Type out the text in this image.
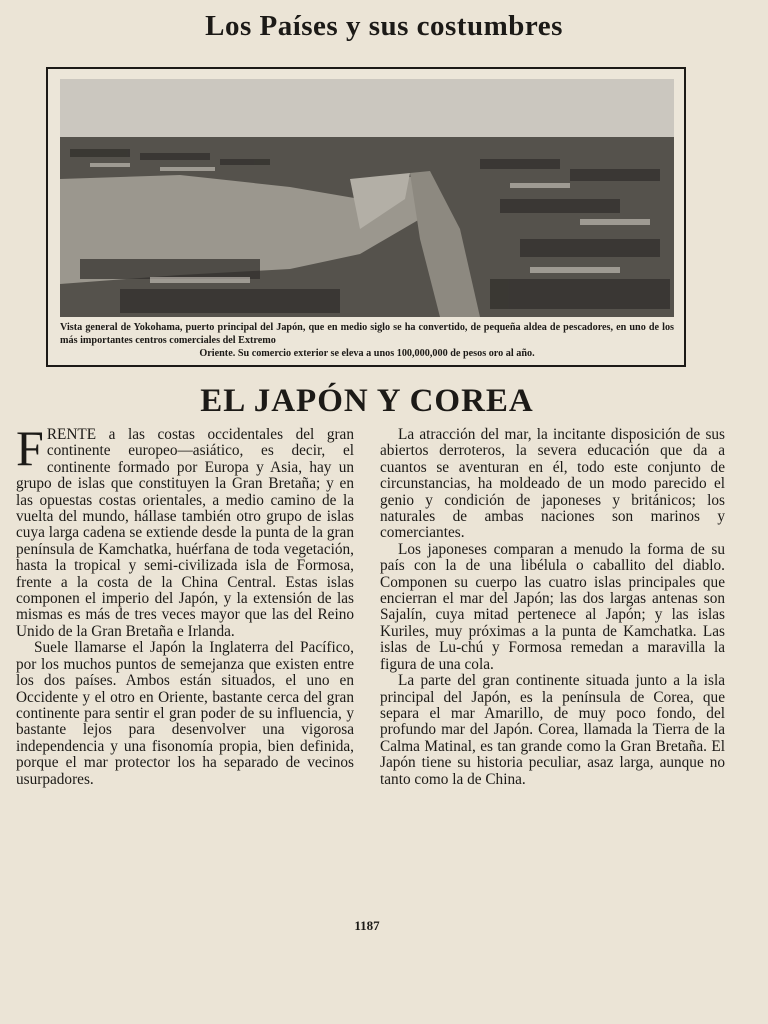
Los Países y sus costumbres
Vista general de Yokohama, puerto principal del Japón, que en medio siglo se ha convertido, de pequeña aldea de pescadores, en uno de los más importantes centros comerciales del Extremo
Oriente. Su comercio exterior se eleva a unos 100,000,000 de pesos oro al año.
EL JAPÓN Y COREA

FRENTE a las costas occidentales del gran continente europeo—asiático, es decir, el continente formado por Europa y Asia, hay un grupo de islas que constituyen la Gran Bretaña; y en las opuestas costas orientales, a medio camino de la vuelta del mundo, hállase también otro grupo de islas cuya larga cadena se extiende desde la punta de la gran península de Kamchatka, huérfana de toda vegetación, hasta la tropical y semi-civilizada isla de Formosa, frente a la costa de la China Central. Estas islas componen el imperio del Japón, y la extensión de las mismas es más de tres veces mayor que las del Reino Unido de la Gran Bretaña e Irlanda.

Suele llamarse el Japón la Inglaterra del Pacífico, por los muchos puntos de semejanza que existen entre los dos países. Ambos están situados, el uno en Occidente y el otro en Oriente, bastante cerca del gran continente para sentir el gran poder de su influencia, y bastante lejos para desenvolver una vigorosa independencia y una fisonomía propia, bien definida, porque el mar protector los ha separado de vecinos usurpadores.

La atracción del mar, la incitante disposición de sus abiertos derroteros, la severa educación que da a cuantos se aventuran en él, todo este conjunto de circunstancias, ha moldeado de un modo parecido el genio y condición de japoneses y británicos; los naturales de ambas naciones son marinos y comerciantes.

Los japoneses comparan a menudo la forma de su país con la de una libélula o caballito del diablo. Componen su cuerpo las cuatro islas principales que encierran el mar del Japón; las dos largas antenas son Sajalín, cuya mitad pertenece al Japón; y las islas Kuriles, muy próximas a la punta de Kamchatka. Las islas de Lu-chú y Formosa remedan a maravilla la figura de una cola.

La parte del gran continente situada junto a la isla principal del Japón, es la península de Corea, que separa el mar Amarillo, de muy poco fondo, del profundo mar del Japón. Corea, llamada la Tierra de la Calma Matinal, es tan grande como la Gran Bretaña. El Japón tiene su historia peculiar, asaz larga, aunque no tanto como la de China.

1187
